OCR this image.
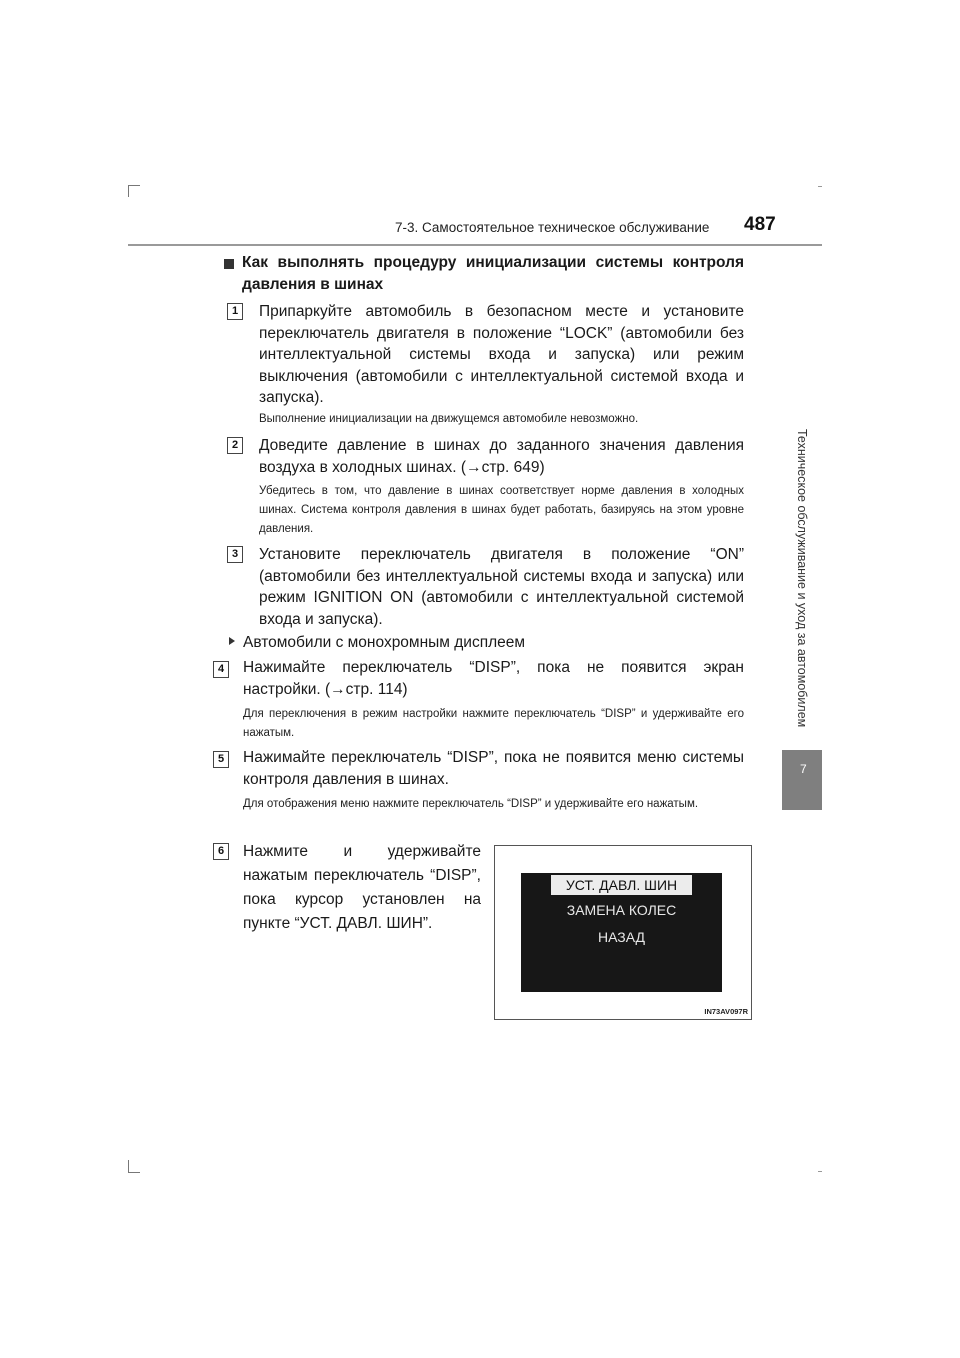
7-3. Самостоятельное техническое обслуживание 487
Техническое обслуживание и уход за автомобилем
7
Как выполнять процедуру инициализации системы контроля давления в шинах
1	Припаркуйте автомобиль в безопасном месте и установите переключатель двигателя в положение “LOCK” (автомобили без интеллектуальной системы входа и запуска) или режим выключения (автомобили с интеллектуальной системой входа и запуска).
Выполнение инициализации на движущемся автомобиле невозможно.
2	Доведите давление в шинах до заданного значения давления воздуха в холодных шинах. (→стр. 649)
Убедитесь в том, что давление в шинах соответствует норме давления в холодных шинах. Система контроля давления в шинах будет работать, базируясь на этом уровне давления.
3	Установите переключатель двигателя в положение “ON” (автомобили без интеллектуальной системы входа и запуска) или режим IGNITION ON (автомобили с интеллектуальной системой входа и запуска).
Автомобили с монохромным дисплеем
4	Нажимайте переключатель “DISP”, пока не появится экран настройки. (→стр. 114)
Для переключения в режим настройки нажмите переключатель “DISP” и удерживайте его нажатым.
5	Нажимайте переключатель “DISP”, пока не появится меню системы контроля давления в шинах.
Для отображения меню нажмите переключатель “DISP” и удерживайте его нажатым.
6	Нажмите и удерживайте нажатым переключатель “DISP”, пока курсор установлен на пункте “УСТ. ДАВЛ. ШИН”.
УСТ. ДАВЛ. ШИН
ЗАМЕНА КОЛЕС
НАЗАД
IN73AV097R
